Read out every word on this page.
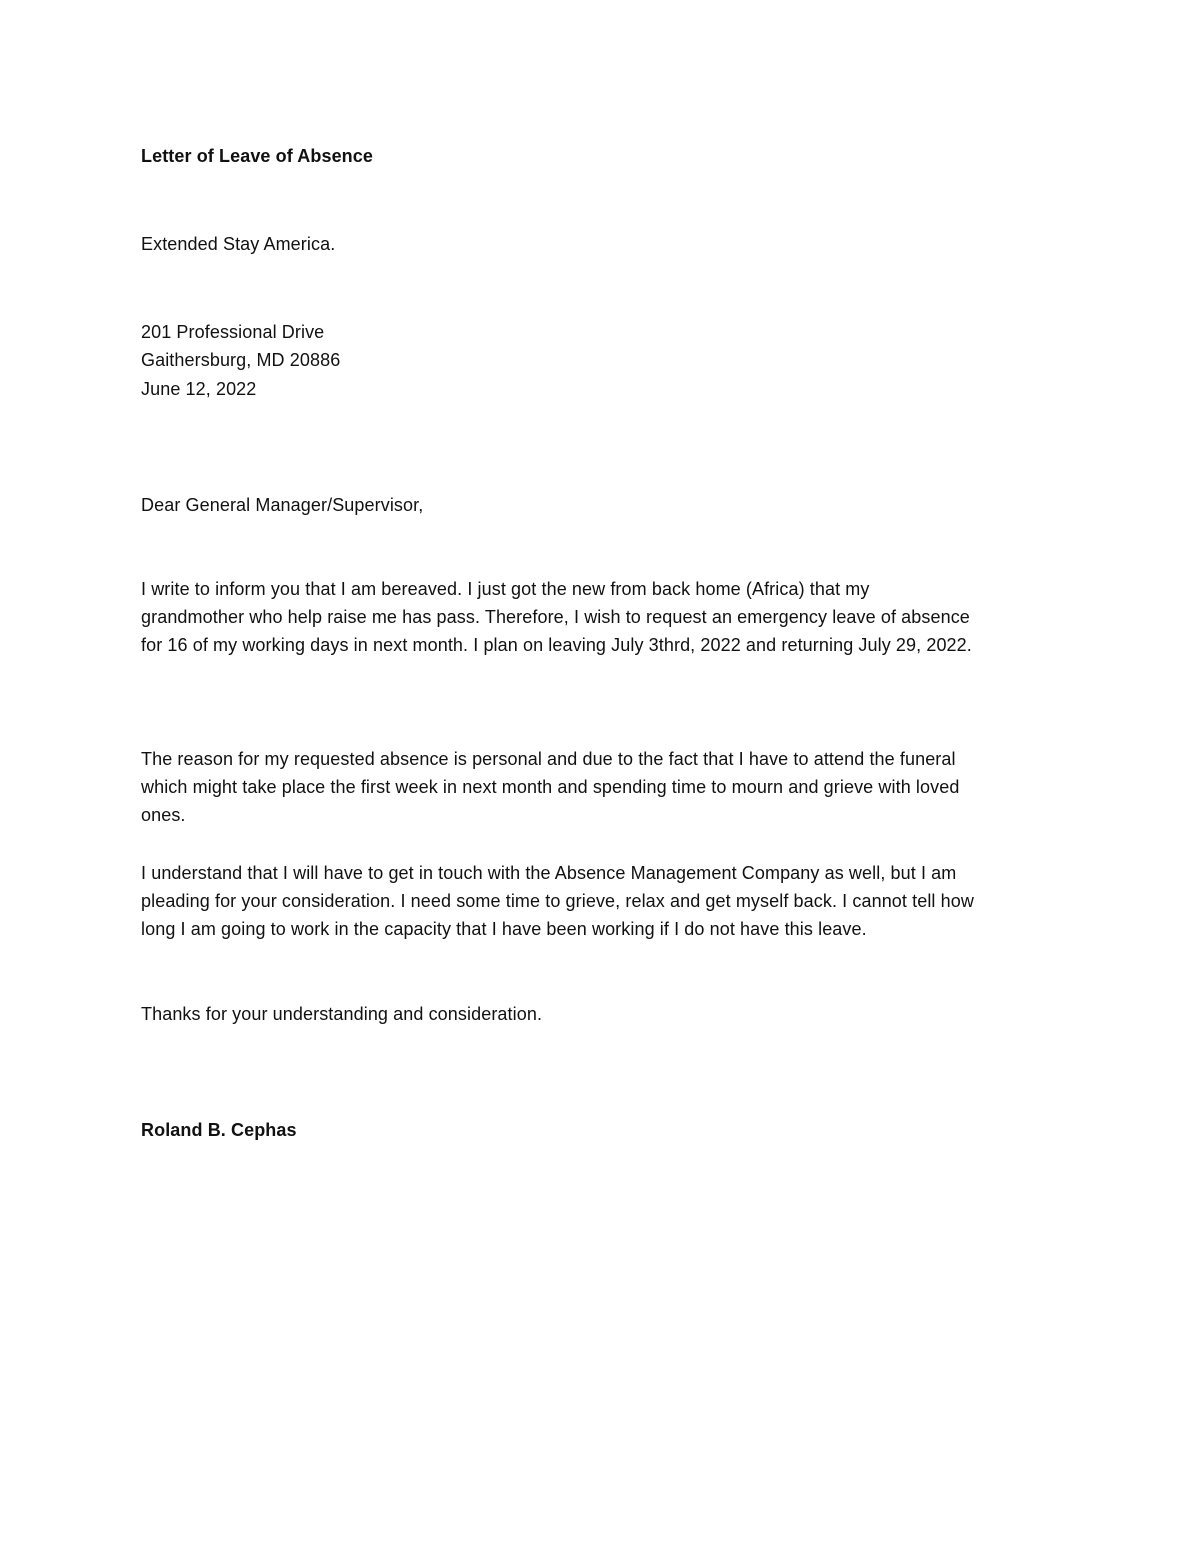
Letter of Leave of Absence
Extended Stay America.
201 Professional Drive
Gaithersburg, MD 20886
June 12, 2022
Dear General Manager/Supervisor,
I write to inform you that I am bereaved. I just got the new from back home (Africa) that my
grandmother who help raise me has pass. Therefore, I wish to request an emergency leave of absence
for 16 of my working days in next month. I plan on leaving July 3thrd, 2022 and returning July 29, 2022.
The reason for my requested absence is personal and due to the fact that I have to attend the funeral
which might take place the first week in next month and spending time to mourn and grieve with loved
ones.
I understand that I will have to get in touch with the Absence Management Company as well, but I am
pleading for your consideration. I need some time to grieve, relax and get myself back. I cannot tell how
long I am going to work in the capacity that I have been working if I do not have this leave.
Thanks for your understanding and consideration.
Roland B. Cephas
